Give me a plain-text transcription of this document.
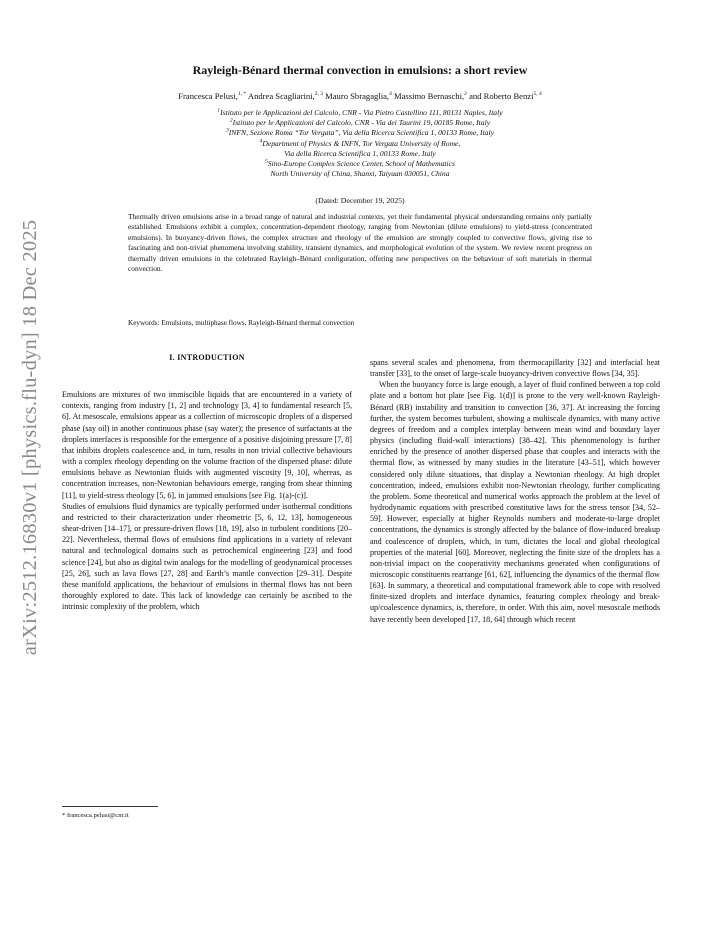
arXiv:2512.16830v1 [physics.flu-dyn] 18 Dec 2025
Rayleigh-Bénard thermal convection in emulsions: a short review

Francesca Pelusi,$^{1, *}$ Andrea Scagliarini,$^{2, 3}$ Mauro Sbragaglia,$^4$ Massimo Bernaschi,$^2$ and Roberto Benzi$^{5, 4}$

$^1$Istituto per le Applicazioni del Calcolo, CNR - Via Pietro Castellino 111, 80131 Naples, Italy
$^2$Istituto per le Applicazioni del Calcolo, CNR - Via dei Taurini 19, 00185 Rome, Italy
$^3$INFN, Sezione Roma “Tor Vergata”, Via della Ricerca Scientifica 1, 00133 Rome, Italy
$^4$Department of Physics & INFN, Tor Vergata University of Rome,
Via della Ricerca Scientifica 1, 00133 Rome, Italy
$^5$Sino-Europe Complex Science Center, School of Mathematics
North University of China, Shanxi, Taiyuan 030051, China
(Dated: December 19, 2025)

Thermally driven emulsions arise in a broad range of natural and industrial contexts, yet their fundamental physical understanding remains only partially established. Emulsions exhibit a complex, concentration-dependent rheology, ranging from Newtonian (dilute emulsions) to yield-stress (concentrated emulsions). In buoyancy-driven flows, the complex structure and rheology of the emulsion are strongly coupled to convective flows, giving rise to fascinating and non-trivial phenomena involving stability, transient dynamics, and morphological evolution of the system. We review recent progress on thermally driven emulsions in the celebrated Rayleigh–Bénard configuration, offering new perspectives on the behaviour of soft materials in thermal convection.

Keywords: Emulsions, multiphase flows, Rayleigh-Bénard thermal convection

I. INTRODUCTION

Emulsions are mixtures of two immiscible liquids that are encountered in a variety of contexts, ranging from industry [1, 2] and technology [3, 4] to fundamental research [5, 6]. At mesoscale, emulsions appear as a collection of microscopic droplets of a dispersed phase (say oil) in another continuous phase (say water); the presence of surfactants at the droplets interfaces is responsible for the emergence of a positive disjoining pressure [7, 8] that inhibits droplets coalescence and, in turn, results in non trivial collective behaviours with a complex rheology depending on the volume fraction of the dispersed phase: dilute emulsions behave as Newtonian fluids with augmented viscosity [9, 10], whereas, as concentration increases, non-Newtonian behaviours emerge, ranging from shear thinning [11], to yield-stress rheology [5, 6], in jammed emulsions [see Fig. 1(a)-(c)].

Studies of emulsions fluid dynamics are typically performed under isothermal conditions and restricted to their characterization under rheometric [5, 6, 12, 13], homogeneous shear-driven [14–17], or pressure-driven flows [18, 19], also in turbulent conditions [20–22]. Nevertheless, thermal flows of emulsions find applications in a variety of relevant natural and technological domains such as petrochemical engineering [23] and food science [24], but also as digital twin analogs for the modelling of geodynamical processes [25, 26], such as lava flows [27, 28] and Earth’s mantle convection [29–31]. Despite these manifold applications, the behaviour of emulsions in thermal flows has not been thoroughly explored to date. This lack of knowledge can certainly be ascribed to the intrinsic complexity of the problem, which

spans several scales and phenomena, from thermocapillarity [32] and interfacial heat transfer [33], to the onset of large-scale buoyancy-driven convective flows [34, 35].

When the buoyancy force is large enough, a layer of fluid confined between a top cold plate and a bottom hot plate [see Fig. 1(d)] is prone to the very well-known Rayleigh-Bénard (RB) instability and transition to convection [36, 37]. At increasing the forcing further, the system becomes turbulent, showing a multiscale dynamics, with many active degrees of freedom and a complex interplay between mean wind and boundary layer physics (including fluid-wall interactions) [38–42]. This phenomenology is further enriched by the presence of another dispersed phase that couples and interacts with the thermal flow, as witnessed by many studies in the literature [43–51], which however considered only dilute situations, that display a Newtonian rheology. At high droplet concentration, indeed, emulsions exhibit non-Newtonian rheology, further complicating the problem. Some theoretical and numerical works approach the problem at the level of hydrodynamic equations with prescribed constitutive laws for the stress tensor [34, 52–59]. However, especially at higher Reynolds numbers and moderate-to-large droplet concentrations, the dynamics is strongly affected by the balance of flow-induced breakup and coalescence of droplets, which, in turn, dictates the local and global rheological properties of the material [60]. Moreover, neglecting the finite size of the droplets has a non-trivial impact on the cooperativity mechanisms generated when configurations of microscopic constituents rearrange [61, 62], influencing the dynamics of the thermal flow [63]. In summary, a theoretical and computational framework able to cope with resolved finite-sized droplets and interface dynamics, featuring complex rheology and break-up/coalescence dynamics, is, therefore, in order. With this aim, novel mesoscale methods have recently been developed [17, 18, 64] through which recent

* francesca.pelusi@cnr.it
